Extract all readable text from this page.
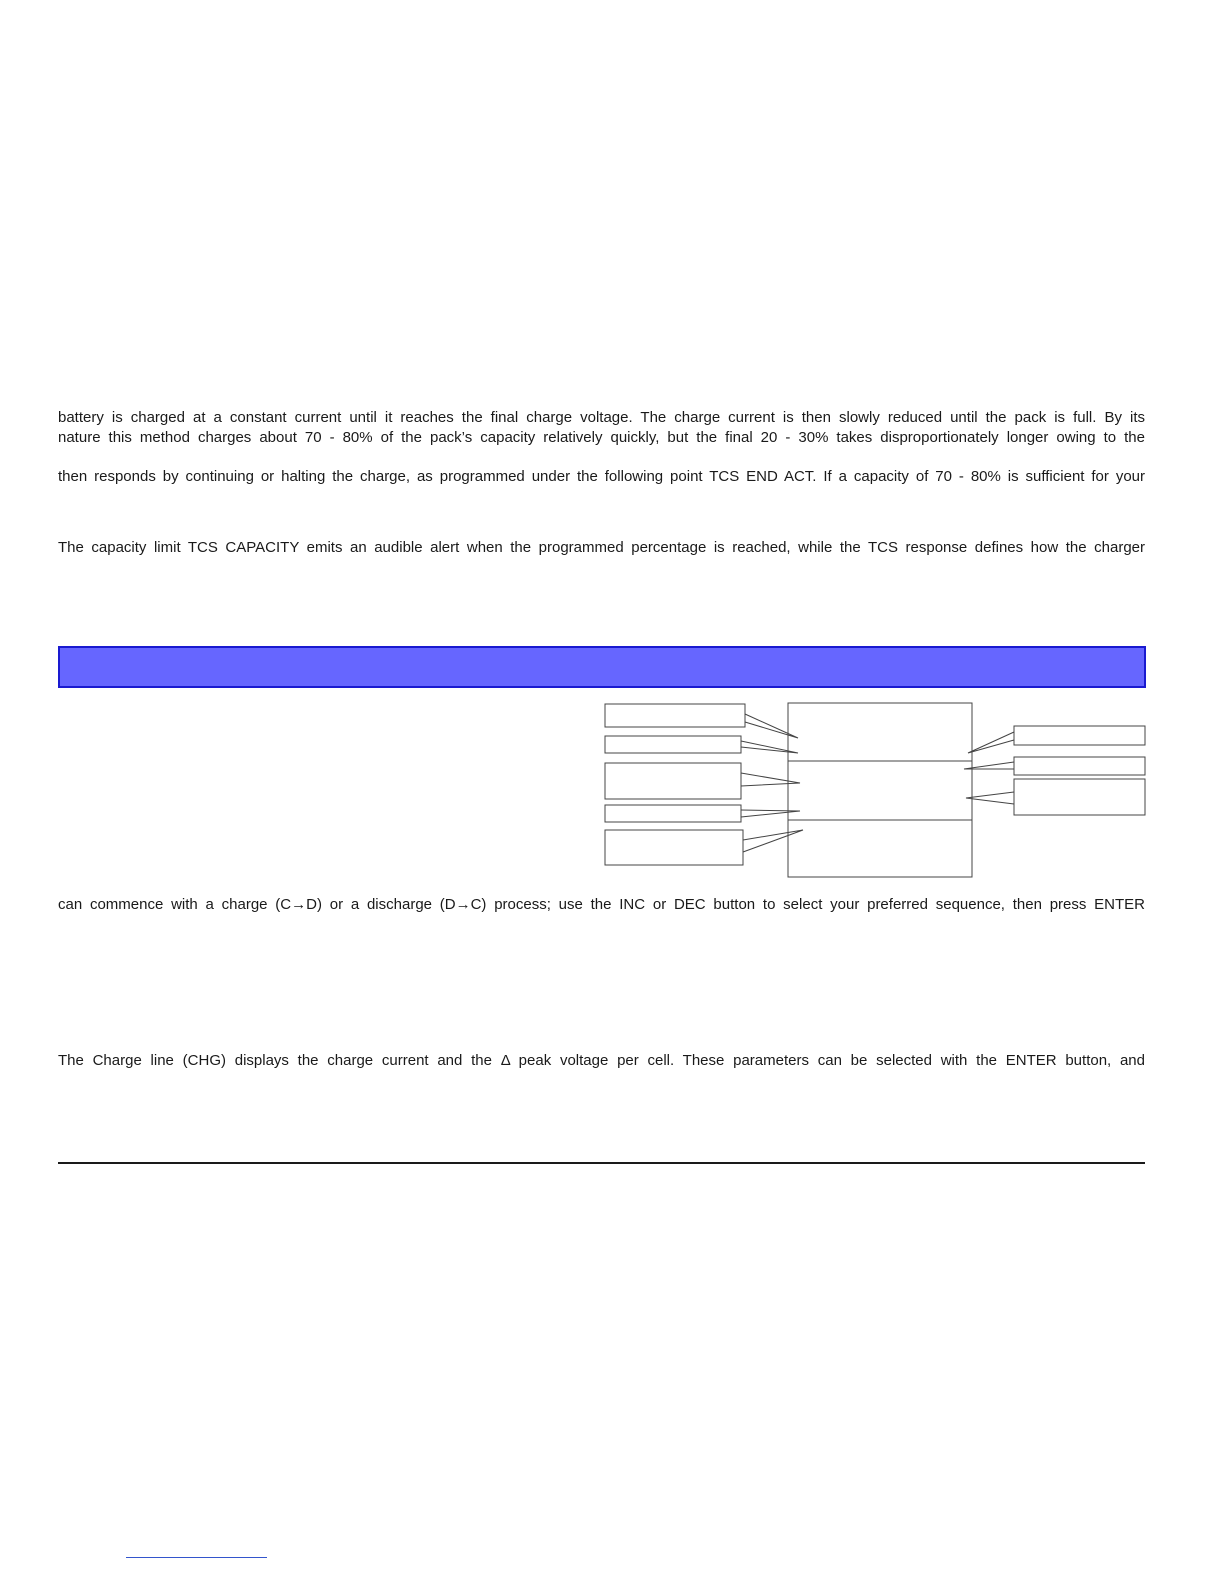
battery is charged at a constant current until it reaches the final charge voltage. The charge current is then slowly reduced until the pack is full. By its
nature this method charges about 70 - 80% of the pack’s capacity relatively quickly, but the final 20 - 30% takes disproportionately longer owing to the
then responds by continuing or halting the charge, as programmed under the following point TCS END ACT. If a capacity of 70 - 80% is sufficient for your
The capacity limit TCS CAPACITY emits an audible alert when the programmed percentage is reached, while the TCS response defines how the charger
can commence with a charge (C→D) or a discharge (D→C) process; use the INC or DEC button to select your preferred sequence, then press ENTER
The Charge line (CHG) displays the charge current and the Δ peak voltage per cell. These parameters can be selected with the ENTER button, and
